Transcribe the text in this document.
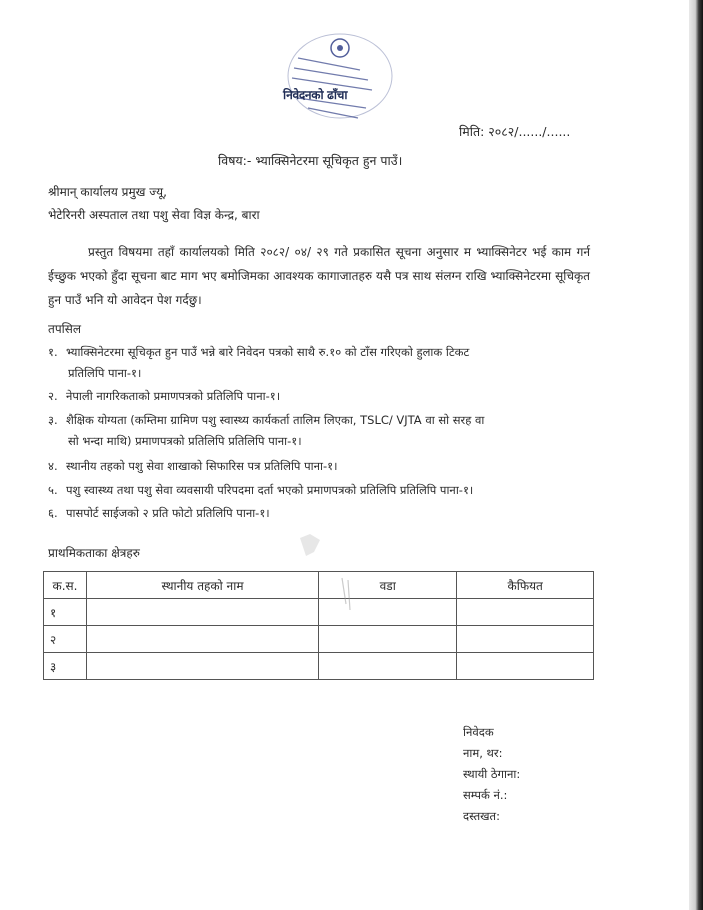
निवेदनको ढाँचा
मिति: २०८२/....../......
विषय:- भ्याक्सिनेटरमा सूचिकृत हुन पाउँ।
श्रीमान् कार्यालय प्रमुख ज्यू,
भेटेरिनरी अस्पताल तथा पशु सेवा विज्ञ केन्द्र, बारा
प्रस्तुत विषयमा तहाँ कार्यालयको मिति २०८२/ ०४/ २९ गते प्रकासित सूचना अनुसार म भ्याक्सिनेटर भई काम गर्न ईच्छुक भएको हुँदा सूचना बाट माग भए बमोजिमका आवश्यक कागाजातहरु यसै पत्र साथ संलग्न राखि भ्याक्सिनेटरमा सूचिकृत हुन पाउँ भनि यो आवेदन पेश गर्दछु।
तपसिल
१. भ्याक्सिनेटरमा सूचिकृत हुन पाउँ भन्ने बारे निवेदन पत्रको साथै रु.१० को टाँस गरिएको हुलाक टिकट
प्रतिलिपि पाना-१।
२. नेपाली नागरिकताको प्रमाणपत्रको प्रतिलिपि पाना-१।
३. शैक्षिक योग्यता (कम्तिमा ग्रामिण पशु स्वास्थ्य कार्यकर्ता तालिम लिएका, TSLC/ VJTA वा सो सरह वा
सो भन्दा माथि) प्रमाणपत्रको प्रतिलिपि प्रतिलिपि पाना-१।
४. स्थानीय तहको पशु सेवा शाखाको सिफारिस पत्र प्रतिलिपि पाना-१।
५. पशु स्वास्थ्य तथा पशु सेवा व्यवसायी परिपदमा दर्ता भएको प्रमाणपत्रको प्रतिलिपि प्रतिलिपि पाना-१।
६. पासपोर्ट साईजको २ प्रति फोटो प्रतिलिपि पाना-१।
प्राथमिकताका क्षेत्रहरु
क.स.	स्थानीय तहको नाम	वडा	कैफियत
१			
२			
३			
निवेदक
नाम, थर:
स्थायी ठेगाना:
सम्पर्क नं.:
दस्तखत:
